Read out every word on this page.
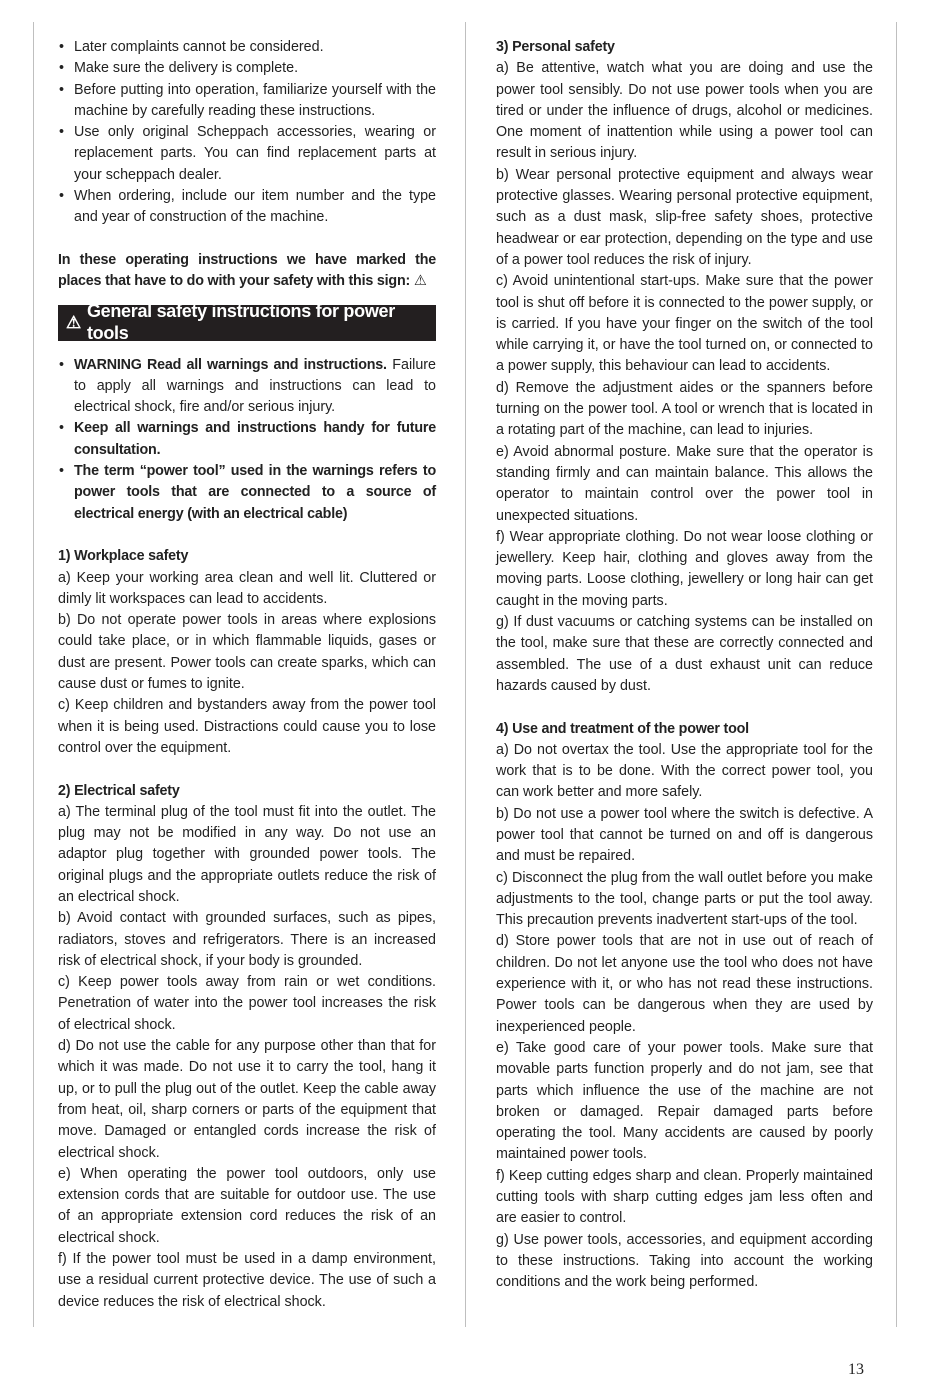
• Later complaints cannot be considered.
• Make sure the delivery is complete.
• Before putting into operation, familiarize yourself with the machine by carefully reading these instructions.
• Use only original Scheppach accessories, wearing or replacement parts. You can find replacement parts at your scheppach dealer.
• When ordering, include our item number and the type and year of construction of the machine.
In these operating instructions we have marked the places that have to do with your safety with this sign: ⚠
⚠
General safety instructions for power tools
• WARNING Read all warnings and instructions. Failure to apply all warnings and instructions can lead to electrical shock, fire and/or serious injury.
• Keep all warnings and instructions handy for future consultation.
• The term “power tool” used in the warnings refers to power tools that are connected to a source of electrical energy (with an electrical cable)
1) Workplace safety
a) Keep your working area clean and well lit. Cluttered or dimly lit workspaces can lead to accidents.
b) Do not operate power tools in areas where explosions could take place, or in which flammable liquids, gases or dust are present. Power tools can create sparks, which can cause dust or fumes to ignite.
c) Keep children and bystanders away from the power tool when it is being used. Distractions could cause you to lose control over the equipment.
2) Electrical safety
a) The terminal plug of the tool must fit into the outlet. The plug may not be modified in any way. Do not use an adaptor plug together with grounded power tools. The original plugs and the appropriate outlets reduce the risk of an electrical shock.
b) Avoid contact with grounded surfaces, such as pipes, radiators, stoves and refrigerators. There is an increased risk of electrical shock, if your body is grounded.
c) Keep power tools away from rain or wet conditions. Penetration of water into the power tool increases the risk of electrical shock.
d) Do not use the cable for any purpose other than that for which it was made. Do not use it to carry the tool, hang it up, or to pull the plug out of the outlet. Keep the cable away from heat, oil, sharp corners or parts of the equipment that move. Damaged or entangled cords increase the risk of electrical shock.
e) When operating the power tool outdoors, only use extension cords that are suitable for outdoor use. The use of an appropriate extension cord reduces the risk of an electrical shock.
f) If the power tool must be used in a damp environment, use a residual current protective device. The use of such a device reduces the risk of electrical shock.
3) Personal safety
a) Be attentive, watch what you are doing and use the power tool sensibly. Do not use power tools when you are tired or under the influence of drugs, alcohol or medicines. One moment of inattention while using a power tool can result in serious injury.
b) Wear personal protective equipment and always wear protective glasses. Wearing personal protective equipment, such as a dust mask, slip-free safety shoes, protective headwear or ear protection, depending on the type and use of a power tool reduces the risk of injury.
c) Avoid unintentional start-ups. Make sure that the power tool is shut off before it is connected to the power supply, or is carried. If you have your finger on the switch of the tool while carrying it, or have the tool turned on, or connected to a power supply, this behaviour can lead to accidents.
d) Remove the adjustment aides or the spanners before turning on the power tool. A tool or wrench that is located in a rotating part of the machine, can lead to injuries.
e) Avoid abnormal posture. Make sure that the operator is standing firmly and can maintain balance. This allows the operator to maintain control over the power tool in unexpected situations.
f) Wear appropriate clothing. Do not wear loose clothing or jewellery. Keep hair, clothing and gloves away from the moving parts. Loose clothing, jewellery or long hair can get caught in the moving parts.
g) If dust vacuums or catching systems can be installed on the tool, make sure that these are correctly connected and assembled. The use of a dust exhaust unit can reduce hazards caused by dust.
4) Use and treatment of the power tool
a) Do not overtax the tool. Use the appropriate tool for the work that is to be done. With the correct power tool, you can work better and more safely.
b) Do not use a power tool where the switch is defective. A power tool that cannot be turned on and off is dangerous and must be repaired.
c) Disconnect the plug from the wall outlet before you make adjustments to the tool, change parts or put the tool away. This precaution prevents inadvertent start-ups of the tool.
d) Store power tools that are not in use out of reach of children. Do not let anyone use the tool who does not have experience with it, or who has not read these instructions. Power tools can be dangerous when they are used by inexperienced people.
e) Take good care of your power tools. Make sure that movable parts function properly and do not jam, see that parts which influence the use of the machine are not broken or damaged. Repair damaged parts before operating the tool. Many accidents are caused by poorly maintained power tools.
f) Keep cutting edges sharp and clean. Properly maintained cutting tools with sharp cutting edges jam less often and are easier to control.
g) Use power tools, accessories, and equipment according to these instructions. Taking into account the working conditions and the work being performed.
13
